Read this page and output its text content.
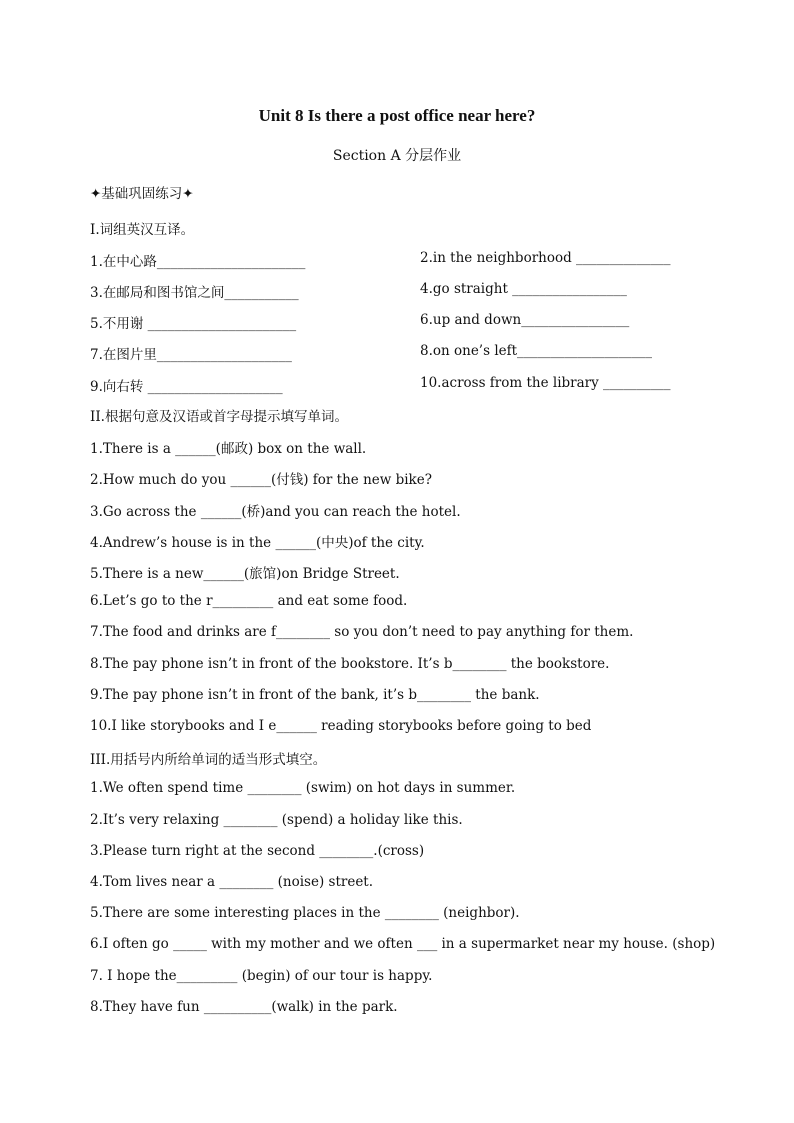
Unit 8 Is there a post office near here?
Section A 分层作业
✦基础巩固练习✦
I.词组英汉互译。
1.在中心路______________________	2.in the neighborhood ______________
3.在邮局和图书馆之间___________	4.go straight _________________
5.不用谢 ______________________	6.up and down________________
7.在图片里____________________	8.on one’s left____________________
9.向右转 ____________________	10.across from the library __________
II.根据句意及汉语或首字母提示填写单词。
1.There is a ______(邮政) box on the wall.
2.How much do you ______(付钱) for the new bike?
3.Go across the ______(桥)and you can reach the hotel.
4.Andrew’s house is in the ______(中央)of the city.
5.There is a new______(旅馆)on Bridge Street.
6.Let’s go to the r_________ and eat some food.
7.The food and drinks are f________ so you don’t need to pay anything for them.
8.The pay phone isn’t in front of the bookstore. It’s b________ the bookstore.
9.The pay phone isn’t in front of the bank, it’s b________ the bank.
10.I like storybooks and I e______ reading storybooks before going to bed
III.用括号内所给单词的适当形式填空。
1.We often spend time ________ (swim) on hot days in summer.
2.It’s very relaxing ________ (spend) a holiday like this.
3.Please turn right at the second ________.(cross)
4.Tom lives near a ________ (noise) street.
5.There are some interesting places in the ________ (neighbor).
6.I often go _____ with my mother and we often ___ in a supermarket near my house. (shop)
7. I hope the_________ (begin) of our tour is happy.
8.They have fun __________(walk) in the park.
